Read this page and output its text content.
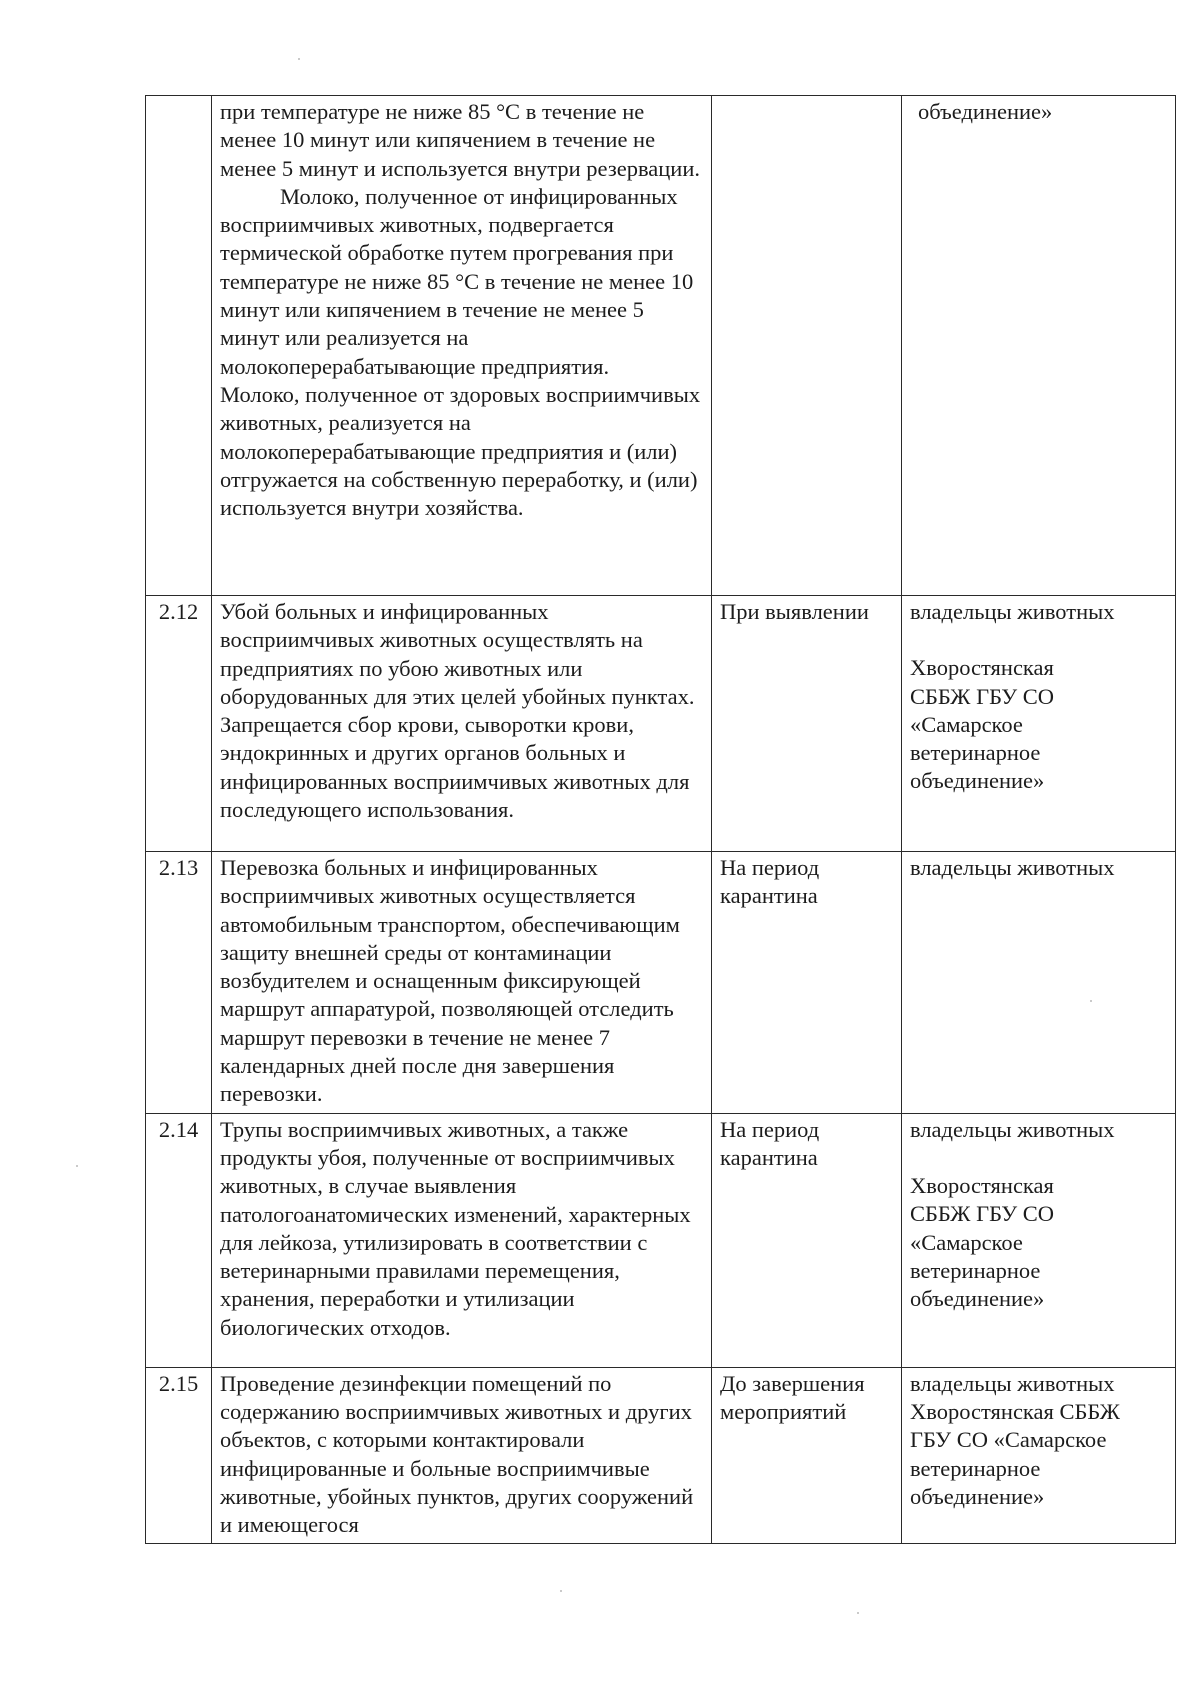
	при температуре не ниже 85 °С в течение не менее 10 минут или кипячением в течение не менее 5 минут и используется внутри резервации.

Молоко, полученное от инфицированных восприимчивых животных, подвергается термической обработке путем прогревания при температуре не ниже 85 °С в течение не менее 10 минут или кипячением в течение не менее 5 минут или реализуется на молокоперерабатывающие предприятия.

Молоко, полученное от здоровых восприимчивых животных, реализуется на молокоперерабатывающие предприятия и (или) отгружается на собственную переработку, и (или) используется внутри хозяйства.		объединение»

2.12	Убой больных и инфицированных восприимчивых животных осуществлять на предприятиях по убою животных или оборудованных для этих целей убойных пунктах. Запрещается сбор крови, сыворотки крови, эндокринных и других органов больных и инфицированных восприимчивых животных для последующего использования.	При выявлении	владельцы животных

Хворостянская СББЖ ГБУ СО «Самарское ветеринарное объединение»

2.13	Перевозка больных и инфицированных восприимчивых животных осуществляется автомобильным транспортом, обеспечивающим защиту внешней среды от контаминации возбудителем и оснащенным фиксирующей маршрут аппаратурой, позволяющей отследить маршрут перевозки в течение не менее 7 календарных дней после дня завершения перевозки.	На период карантина	владельцы животных

2.14	Трупы восприимчивых животных, а также продукты убоя, полученные от восприимчивых животных, в случае выявления патологоанатомических изменений, характерных для лейкоза, утилизировать в соответствии с ветеринарными правилами перемещения, хранения, переработки и утилизации биологических отходов.	На период карантина	владельцы животных

Хворостянская СББЖ ГБУ СО «Самарское ветеринарное объединение»

2.15	Проведение дезинфекции помещений по содержанию восприимчивых животных и других объектов, с которыми контактировали инфицированные и больные восприимчивые животные, убойных пунктов, других сооружений и имеющегося	До завершения мероприятий	владельцы животных Хворостянская СББЖ ГБУ СО «Самарское ветеринарное объединение»
